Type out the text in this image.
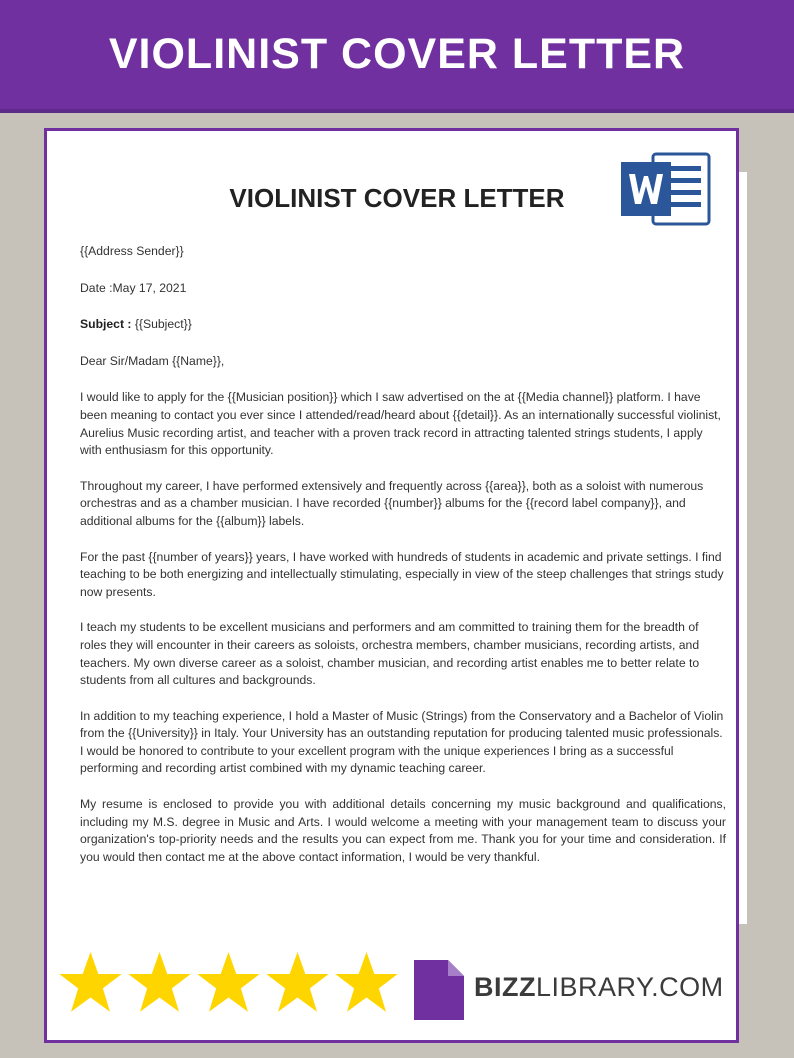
VIOLINIST COVER LETTER
VIOLINIST COVER LETTER

{{Address Sender}}

Date :May 17, 2021

Subject : {{Subject}}

Dear Sir/Madam {{Name}},

I would like to apply for the {{Musician position}} which I saw advertised on the at {{Media channel}} platform. I have been meaning to contact you ever since I attended/read/heard about {{detail}}. As an internationally successful violinist, Aurelius Music recording artist, and teacher with a proven track record in attracting talented strings students, I apply with enthusiasm for this opportunity.

Throughout my career, I have performed extensively and frequently across {{area}}, both as a soloist with numerous orchestras and as a chamber musician. I have recorded {{number}} albums for the {{record label company}}, and additional albums for the {{album}} labels.

For the past {{number of years}} years, I have worked with hundreds of students in academic and private settings. I find teaching to be both energizing and intellectually stimulating, especially in view of the steep challenges that strings study now presents.

I teach my students to be excellent musicians and performers and am committed to training them for the breadth of roles they will encounter in their careers as soloists, orchestra members, chamber musicians, recording artists, and teachers. My own diverse career as a soloist, chamber musician, and recording artist enables me to better relate to students from all cultures and backgrounds.

In addition to my teaching experience, I hold a Master of Music (Strings) from the Conservatory and a Bachelor of Violin from the {{University}} in Italy. Your University has an outstanding reputation for producing talented music professionals. I would be honored to contribute to your excellent program with the unique experiences I bring as a successful performing and recording artist combined with my dynamic teaching career.

My resume is enclosed to provide you with additional details concerning my music background and qualifications, including my M.S. degree in Music and Arts. I would welcome a meeting with your management team to discuss your organization's top-priority needs and the results you can expect from me. Thank you for your time and consideration. If you would then contact me at the above contact information, I would be very thankful.

BIZZLIBRARY.COM
